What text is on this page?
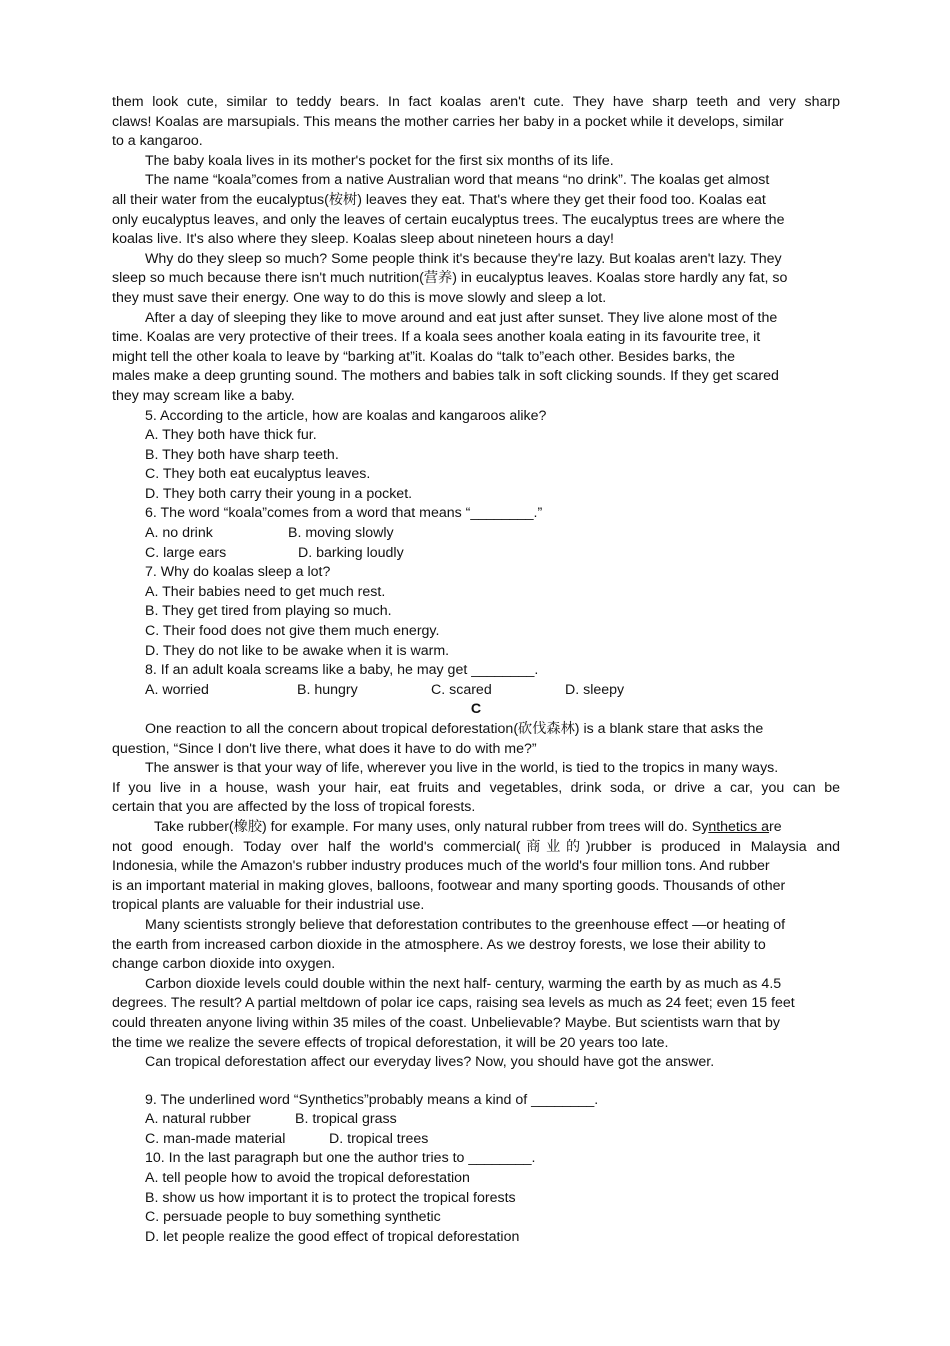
them look cute, similar to teddy bears. In fact koalas aren't cute. They have sharp teeth and very sharp
claws! Koalas are marsupials. This means the mother carries her baby in a pocket while it develops, similar
to a kangaroo.
The baby koala lives in its mother's pocket for the first six months of its life.
The name “koala”comes from a native Australian word that means “no drink”. The koalas get almost
all their water from the eucalyptus(桉树) leaves they eat. That's where they get their food too. Koalas eat
only eucalyptus leaves, and only the leaves of certain eucalyptus trees. The eucalyptus trees are where the
koalas live. It's also where they sleep. Koalas sleep about nineteen hours a day!
Why do they sleep so much? Some people think it's because they're lazy. But koalas aren't lazy. They
sleep so much because there isn't much nutrition(营养) in eucalyptus leaves. Koalas store hardly any fat, so
they must save their energy. One way to do this is move slowly and sleep a lot.
After a day of sleeping they like to move around and eat just after sunset. They live alone most of the
time. Koalas are very protective of their trees. If a koala sees another koala eating in its favourite tree, it
might tell the other koala to leave by “barking at”it. Koalas do “talk to”each other. Besides barks, the
males make a deep grunting sound. The mothers and babies talk in soft clicking sounds. If they get scared
they may scream like a baby.
5. According to the article, how are koalas and kangaroos alike?
A. They both have thick fur.
B. They both have sharp teeth.
C. They both eat eucalyptus leaves.
D. They both carry their young in a pocket.
6. The word “koala”comes from a word that means “________.”
A. no drink	B. moving slowly
C. large ears	D. barking loudly
7. Why do koalas sleep a lot?
A. Their babies need to get much rest.
B. They get tired from playing so much.
C. Their food does not give them much energy.
D. They do not like to be awake when it is warm.
8. If an adult koala screams like a baby, he may get ________.
A. worried	B. hungry	C. scared	D. sleepy
C
One reaction to all the concern about tropical deforestation(砍伐森林) is a blank stare that asks the
question, “Since I don't live there, what does it have to do with me?”
The answer is that your way of life, wherever you live in the world, is tied to the tropics in many ways.
If you live in a house, wash your hair, eat fruits and vegetables, drink soda, or drive a car, you can be
certain that you are affected by the loss of tropical forests.
Take rubber(橡胶) for example. For many uses, only natural rubber from trees will do. Synthetics are
not good enough. Today over half the world's commercial(商业的)rubber is produced in Malaysia and
Indonesia, while the Amazon's rubber industry produces much of the world's four million tons. And rubber
is an important material in making gloves, balloons, footwear and many sporting goods. Thousands of other
tropical plants are valuable for their industrial use.
Many scientists strongly believe that deforestation contributes to the greenhouse effect —or heating of
the earth from increased carbon dioxide in the atmosphere. As we destroy forests, we lose their ability to
change carbon dioxide into oxygen.
Carbon dioxide levels could double within the next half- century, warming the earth by as much as 4.5
degrees. The result? A partial meltdown of polar ice caps, raising sea levels as much as 24 feet; even 15 feet
could threaten anyone living within 35 miles of the coast. Unbelievable? Maybe. But scientists warn that by
the time we realize the severe effects of tropical deforestation, it will be 20 years too late.
Can tropical deforestation affect our everyday lives? Now, you should have got the answer.
9. The underlined word “Synthetics”probably means a kind of ________.
A. natural rubber	B. tropical grass
C. man-made material	D. tropical trees
10. In the last paragraph but one the author tries to ________.
A. tell people how to avoid the tropical deforestation
B. show us how important it is to protect the tropical forests
C. persuade people to buy something synthetic
D. let people realize the good effect of tropical deforestation
